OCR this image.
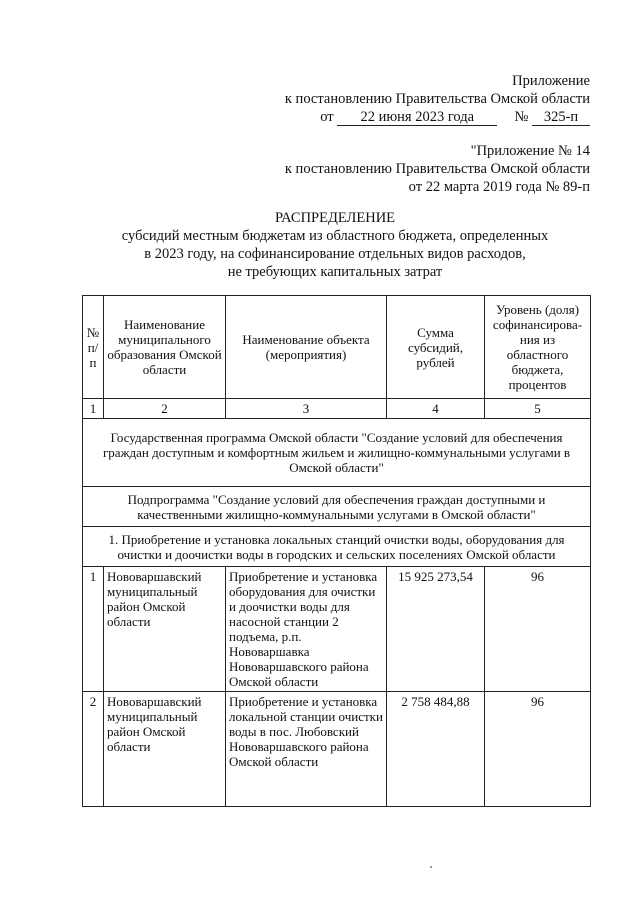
Приложение
к постановлению Правительства Омской области
от 22 июня 2023 года	№ 325-п
"Приложение № 14
к постановлению Правительства Омской области
от 22 марта 2019 года № 89-п
РАСПРЕДЕЛЕНИЕ
субсидий местным бюджетам из областного бюджета, определенных
в 2023 году, на софинансирование отдельных видов расходов,
не требующих капитальных затрат
№ п/п	Наименование муниципального образования Омской области	Наименование объекта (мероприятия)	Сумма субсидий, рублей	Уровень (доля) софинансирова-ния из областного бюджета, процентов
1	2	3	4	5
Государственная программа Омской области "Создание условий для обеспечения граждан доступным и комфортным жильем и жилищно-коммунальными услугами в Омской области"				
Подпрограмма "Создание условий для обеспечения граждан доступными и качественными жилищно-коммунальными услугами в Омской области"				
1. Приобретение и установка локальных станций очистки воды, оборудования для очистки и доочистки воды в городских и сельских поселениях Омской области				
1	Нововаршавский муниципальный район Омской области	Приобретение и установка оборудования для очистки и доочистки воды для насосной станции 2 подъема, р.п. Нововаршавка Нововаршавского района Омской области	15 925 273,54	96
2	Нововаршавский муниципальный район Омской области	Приобретение и установка локальной станции очистки воды в пос. Любовский Нововаршавского района Омской области	2 758 484,88	96
